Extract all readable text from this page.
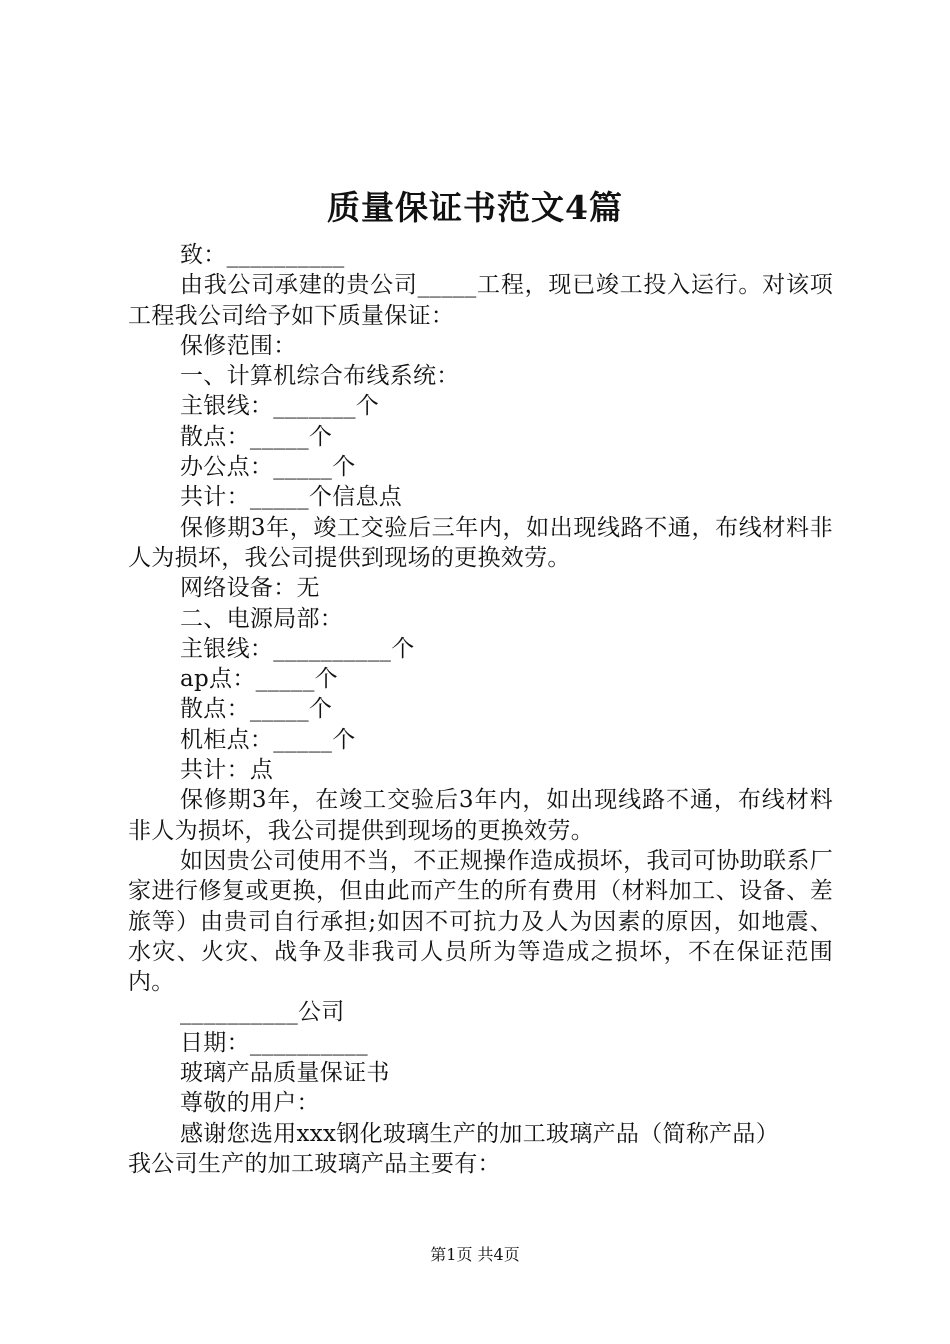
质量保证书范文4篇

致：__________

由我公司承建的贵公司_____工程，现已竣工投入运行。对该项工程我公司给予如下质量保证：

保修范围：

一、计算机综合布线系统：

主银线：_______个

散点：_____个

办公点：_____个

共计：_____个信息点

保修期3年，竣工交验后三年内，如出现线路不通，布线材料非人为损坏，我公司提供到现场的更换效劳。

网络设备：无

二、电源局部：

主银线：__________个

ap点：_____个

散点：_____个

机柜点：_____个

共计：点

保修期3年，在竣工交验后3年内，如出现线路不通，布线材料非人为损坏，我公司提供到现场的更换效劳。

如因贵公司使用不当，不正规操作造成损坏，我司可协助联系厂家进行修复或更换，但由此而产生的所有费用（材料加工、设备、差旅等）由贵司自行承担;如因不可抗力及人为因素的原因，如地震、水灾、火灾、战争及非我司人员所为等造成之损坏，不在保证范围内。

__________公司

日期：__________

玻璃产品质量保证书

尊敬的用户：

感谢您选用xxx钢化玻璃生产的加工玻璃产品（简称产品）

我公司生产的加工玻璃产品主要有：

第1页 共4页
